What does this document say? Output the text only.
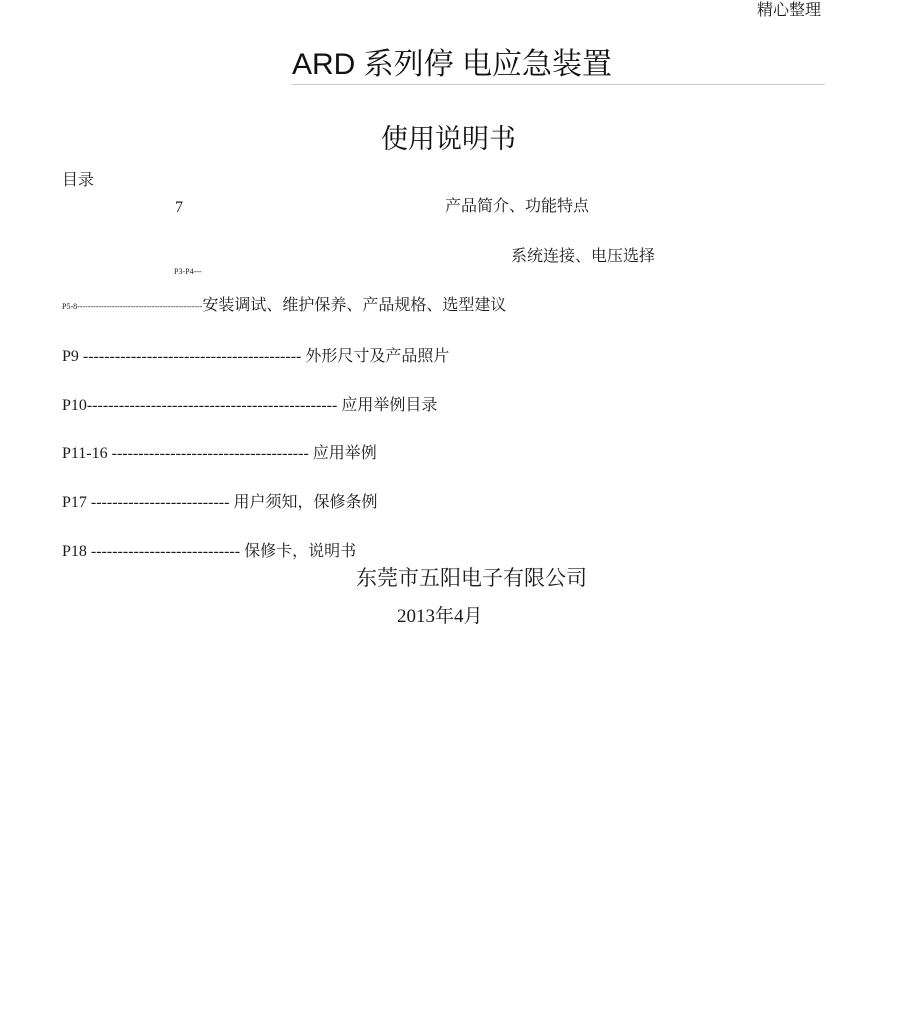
精心整理
ARD 系列停 电应急装置
使用说明书
目录
7	产品简介、功能特点
系统连接、电压选择
P3-P4---
P5-8----------------------------------------------- 安装调试、维护保养、产品规格、选型建议
P9 ----------------------------------------- 外形尺寸及产品照片
P10----------------------------------------------- 应用举例目录
P11-16 ------------------------------------- 应用举例
P17 -------------------------- 用户须知，保修条例
P18 ---------------------------- 保修卡，说明书
东莞市五阳电子有限公司
2013年4月
